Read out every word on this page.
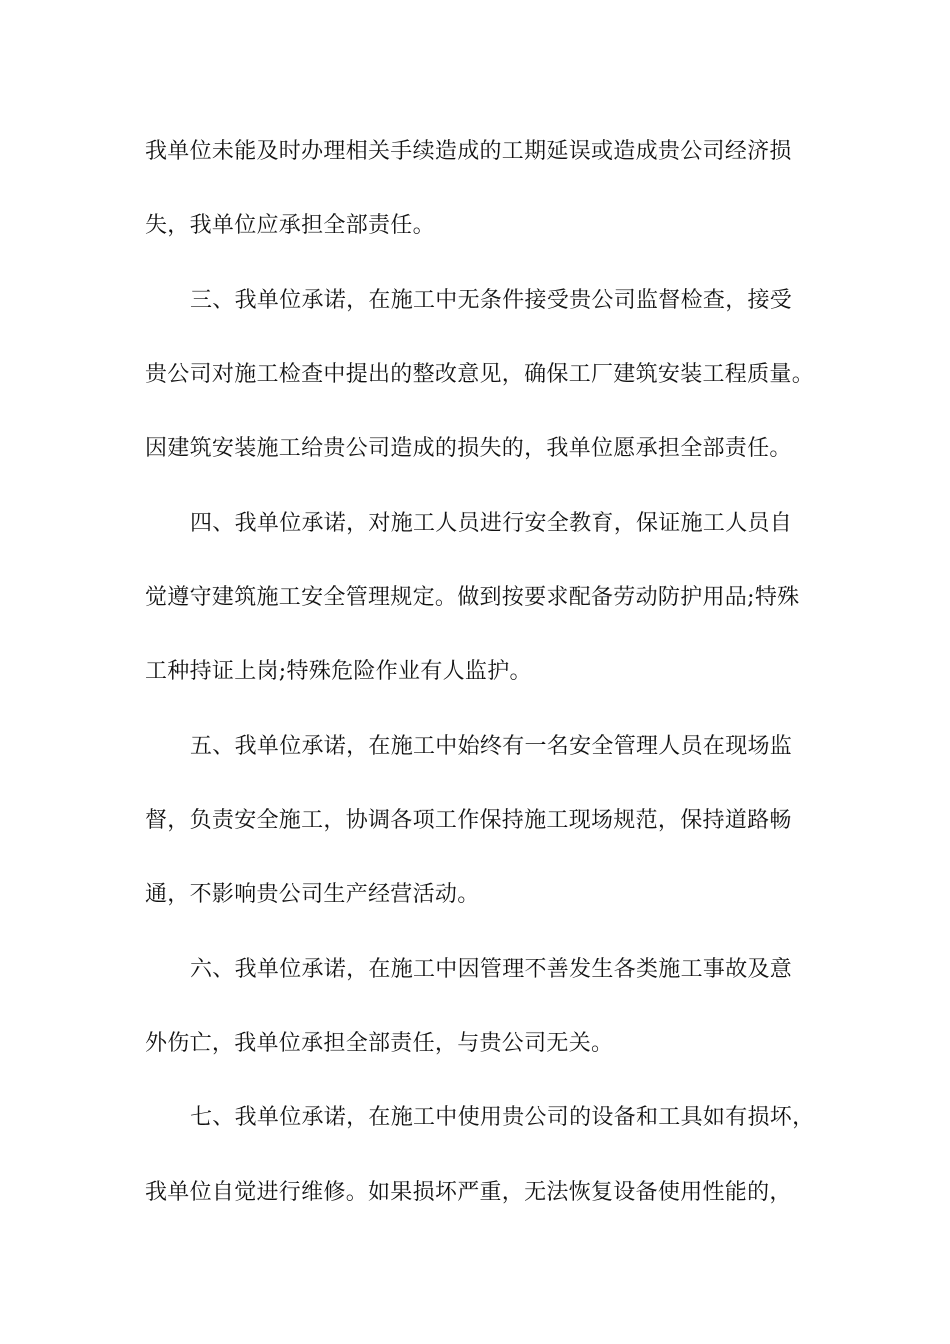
我单位未能及时办理相关手续造成的工期延误或造成贵公司经济损
失，我单位应承担全部责任。
三、我单位承诺，在施工中无条件接受贵公司监督检查，接受
贵公司对施工检查中提出的整改意见，确保工厂建筑安装工程质量。
因建筑安装施工给贵公司造成的损失的，我单位愿承担全部责任。
四、我单位承诺，对施工人员进行安全教育，保证施工人员自
觉遵守建筑施工安全管理规定。做到按要求配备劳动防护用品;特殊
工种持证上岗;特殊危险作业有人监护。
五、我单位承诺，在施工中始终有一名安全管理人员在现场监
督，负责安全施工，协调各项工作保持施工现场规范，保持道路畅
通，不影响贵公司生产经营活动。
六、我单位承诺，在施工中因管理不善发生各类施工事故及意
外伤亡，我单位承担全部责任，与贵公司无关。
七、我单位承诺，在施工中使用贵公司的设备和工具如有损坏，
我单位自觉进行维修。如果损坏严重，无法恢复设备使用性能的，
